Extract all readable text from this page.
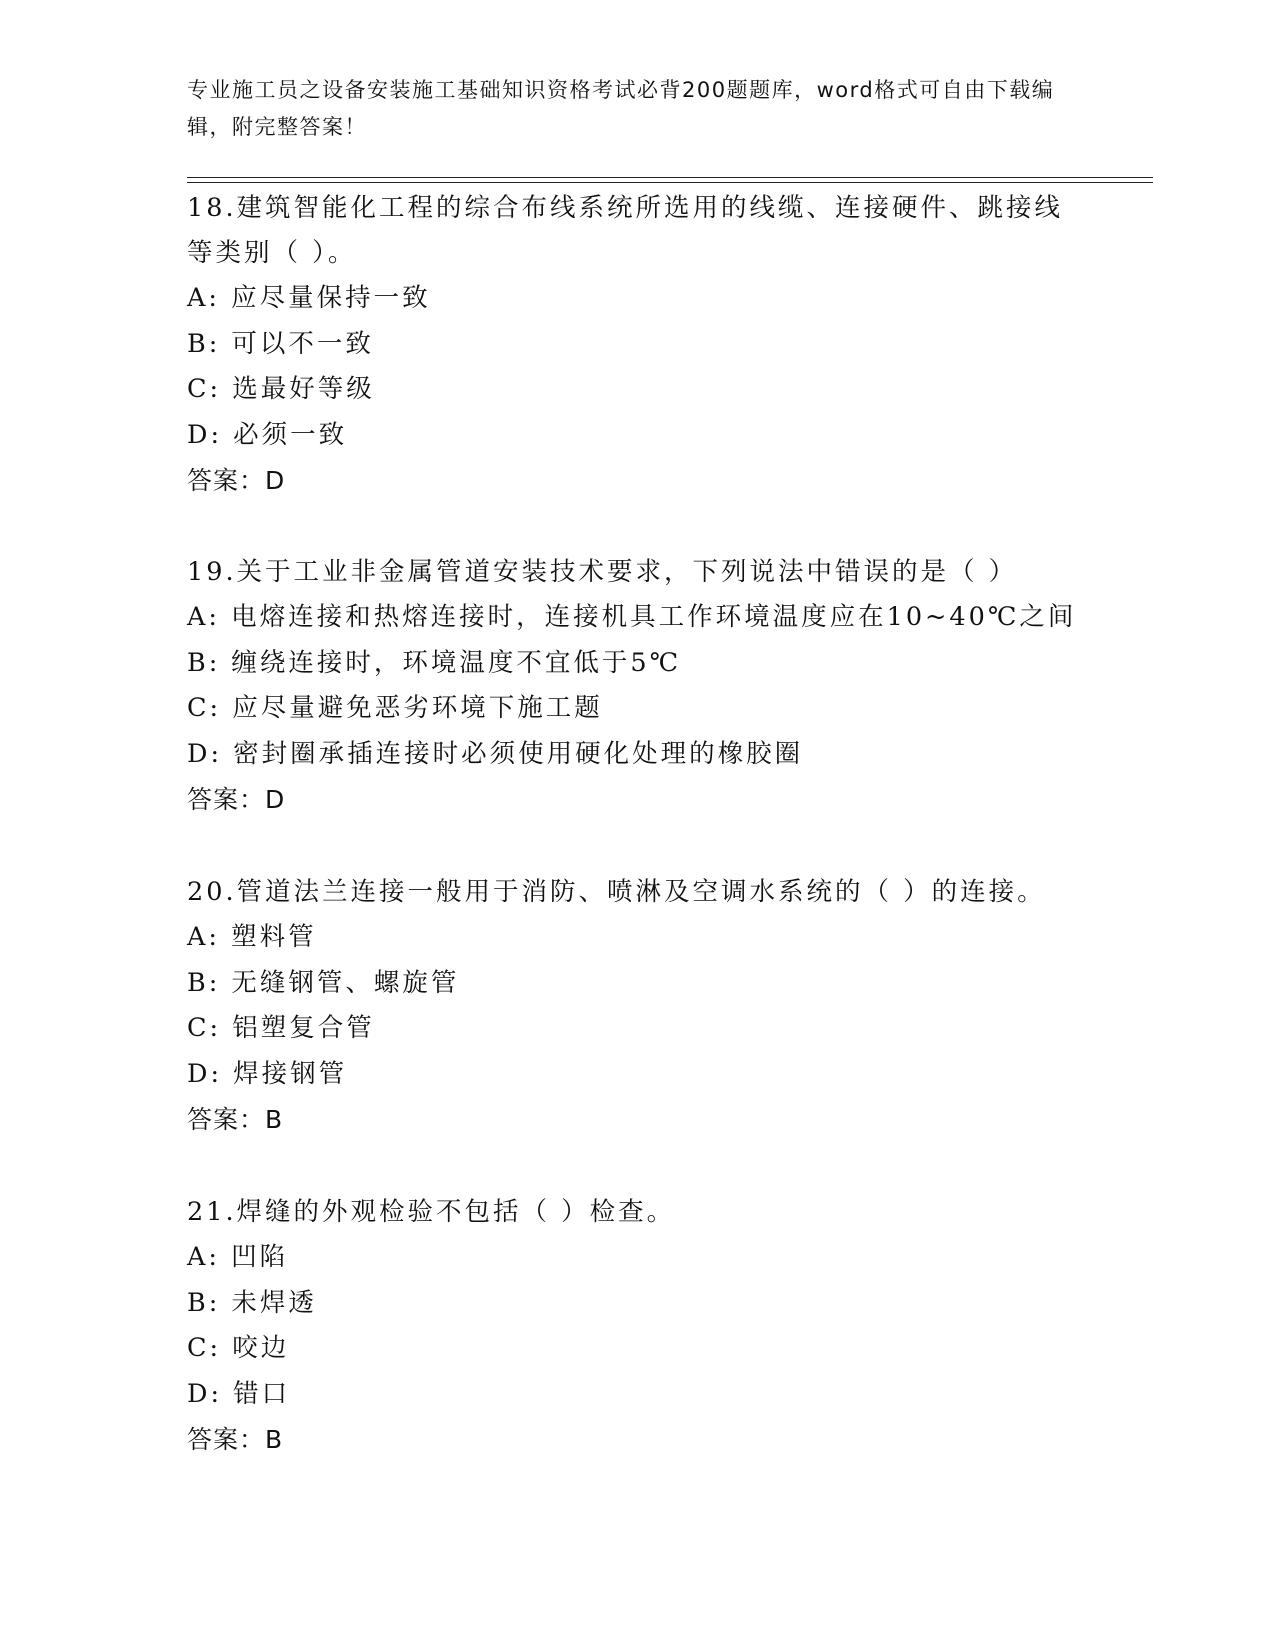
专业施工员之设备安装施工基础知识资格考试必背200题题库，word格式可自由下载编辑，附完整答案！
18.建筑智能化工程的综合布线系统所选用的线缆、连接硬件、跳接线等类别（ ）。
A: 应尽量保持一致
B: 可以不一致
C: 选最好等级
D: 必须一致
答案：D
19.关于工业非金属管道安装技术要求，下列说法中错误的是（ ）
A: 电熔连接和热熔连接时，连接机具工作环境温度应在10~40℃之间
B: 缠绕连接时，环境温度不宜低于5℃
C: 应尽量避免恶劣环境下施工题
D: 密封圈承插连接时必须使用硬化处理的橡胶圈
答案：D
20.管道法兰连接一般用于消防、喷淋及空调水系统的（ ）的连接。
A: 塑料管
B: 无缝钢管、螺旋管
C: 铝塑复合管
D: 焊接钢管
答案：B
21.焊缝的外观检验不包括（ ）检查。
A: 凹陷
B: 未焊透
C: 咬边
D: 错口
答案：B
